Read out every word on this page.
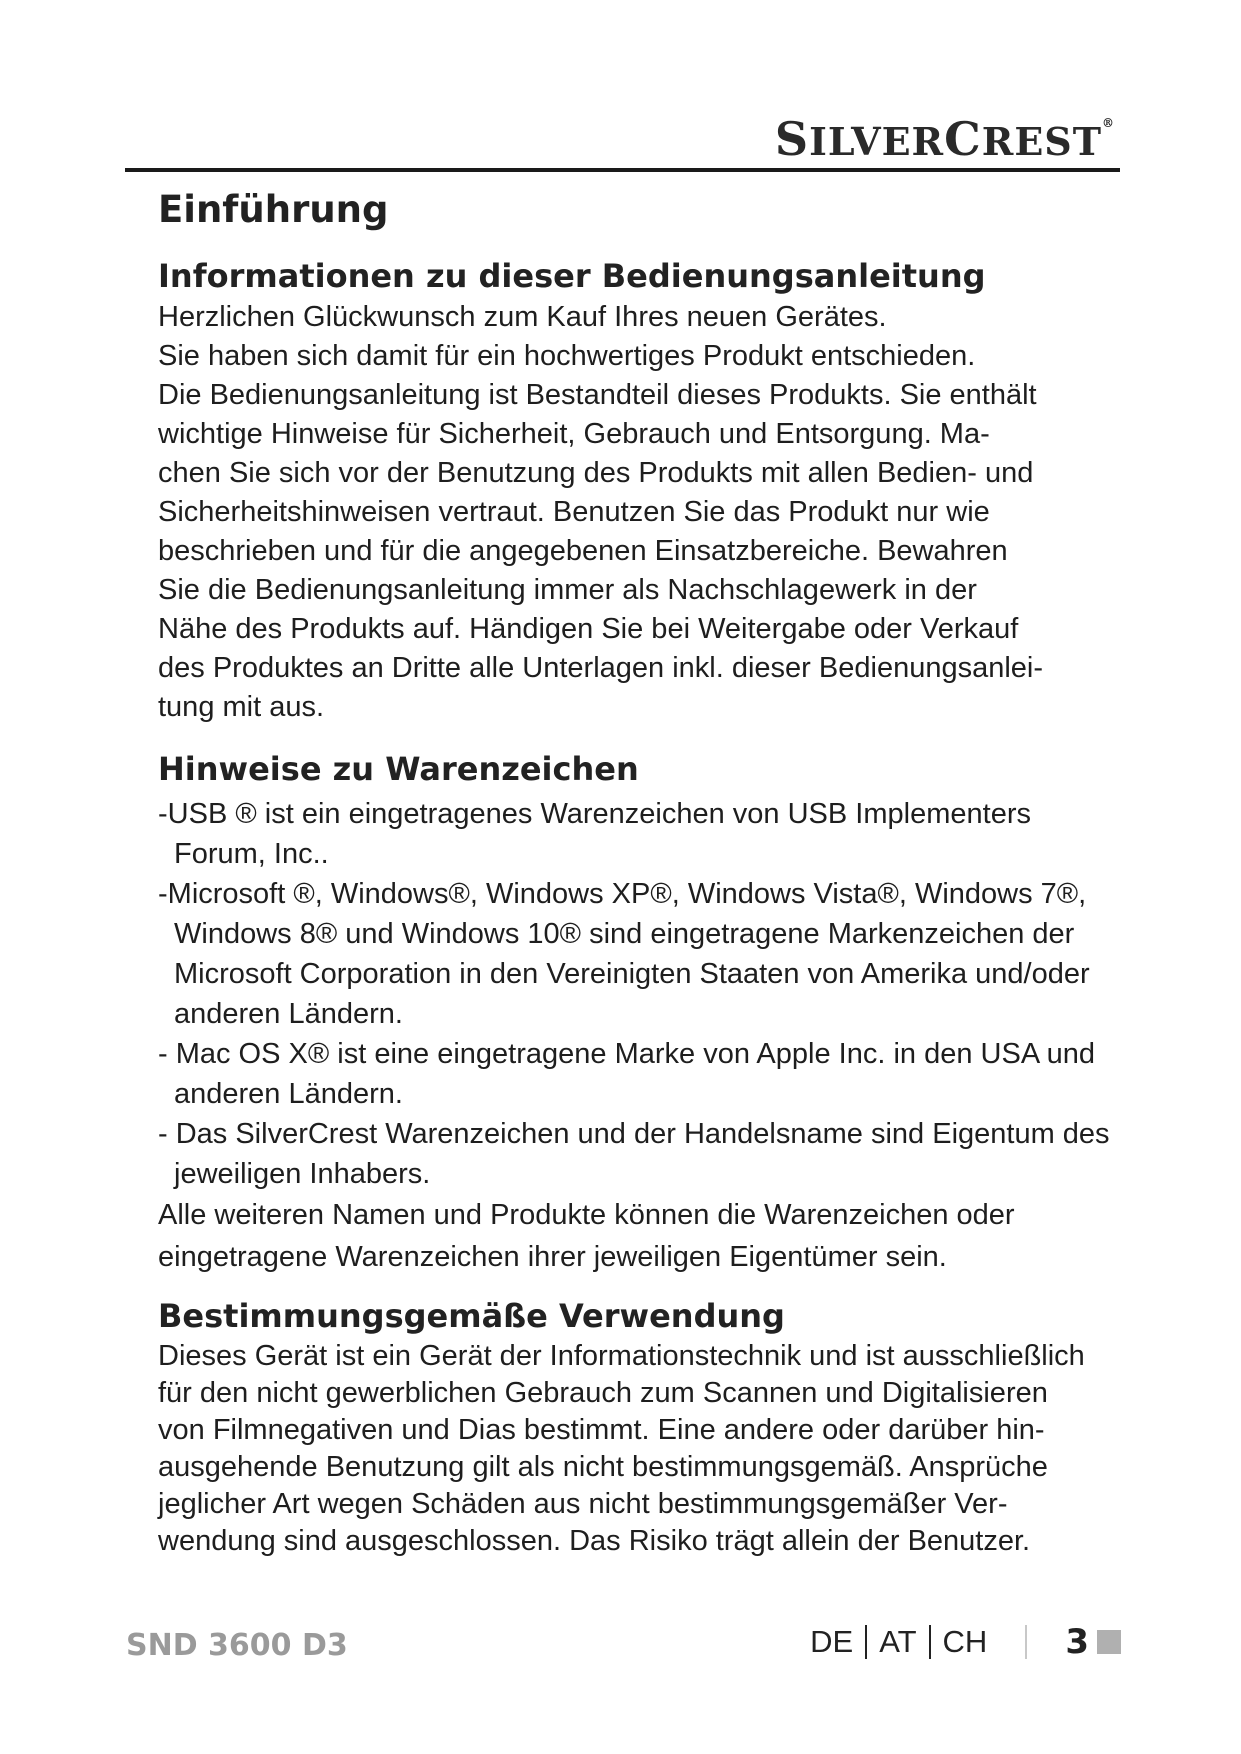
SILVERCREST®
Einführung
Informationen zu dieser Bedienungsanleitung

Herzlichen Glückwunsch zum Kauf Ihres neuen Gerätes.

Sie haben sich damit für ein hochwertiges Produkt entschieden.

Die Bedienungsanleitung ist Bestandteil dieses Produkts. Sie enthält

wichtige Hinweise für Sicherheit, Gebrauch und Entsorgung. Ma-

chen Sie sich vor der Benutzung des Produkts mit allen Bedien- und

Sicherheitshinweisen vertraut. Benutzen Sie das Produkt nur wie

beschrieben und für die angegebenen Einsatzbereiche. Bewahren

Sie die Bedienungsanleitung immer als Nachschlagewerk in der

Nähe des Produkts auf. Händigen Sie bei Weitergabe oder Verkauf

des Produktes an Dritte alle Unterlagen inkl. dieser Bedienungsanlei-

tung mit aus.

Hinweise zu Warenzeichen
-USB ® ist ein eingetragenes Warenzeichen von USB Implementers Forum, Inc..
-Microsoft ®, Windows®, Windows XP®, Windows Vista®, Windows 7®, Windows 8® und Windows 10® sind eingetragene Markenzeichen der Microsoft Corporation in den Vereinigten Staaten von Amerika und/oder anderen Ländern.
- Mac OS X® ist eine eingetragene Marke von Apple Inc. in den USA und anderen Ländern.
- Das SilverCrest Warenzeichen und der Handelsname sind Eigentum des jeweiligen Inhabers.

Alle weiteren Namen und Produkte können die Warenzeichen oder

eingetragene Warenzeichen ihrer jeweiligen Eigentümer sein.

Bestimmungsgemäße Verwendung

Dieses Gerät ist ein Gerät der Informationstechnik und ist ausschließlich

für den nicht gewerblichen Gebrauch zum Scannen und Digitalisieren

von Filmnegativen und Dias bestimmt. Eine andere oder darüber hin-

ausgehende Benutzung gilt als nicht bestimmungsgemäß. Ansprüche

jeglicher Art wegen Schäden aus nicht bestimmungsgemäßer Ver-

wendung sind ausgeschlossen. Das Risiko trägt allein der Benutzer.

SND 3600 D3	DE AT CH 3
